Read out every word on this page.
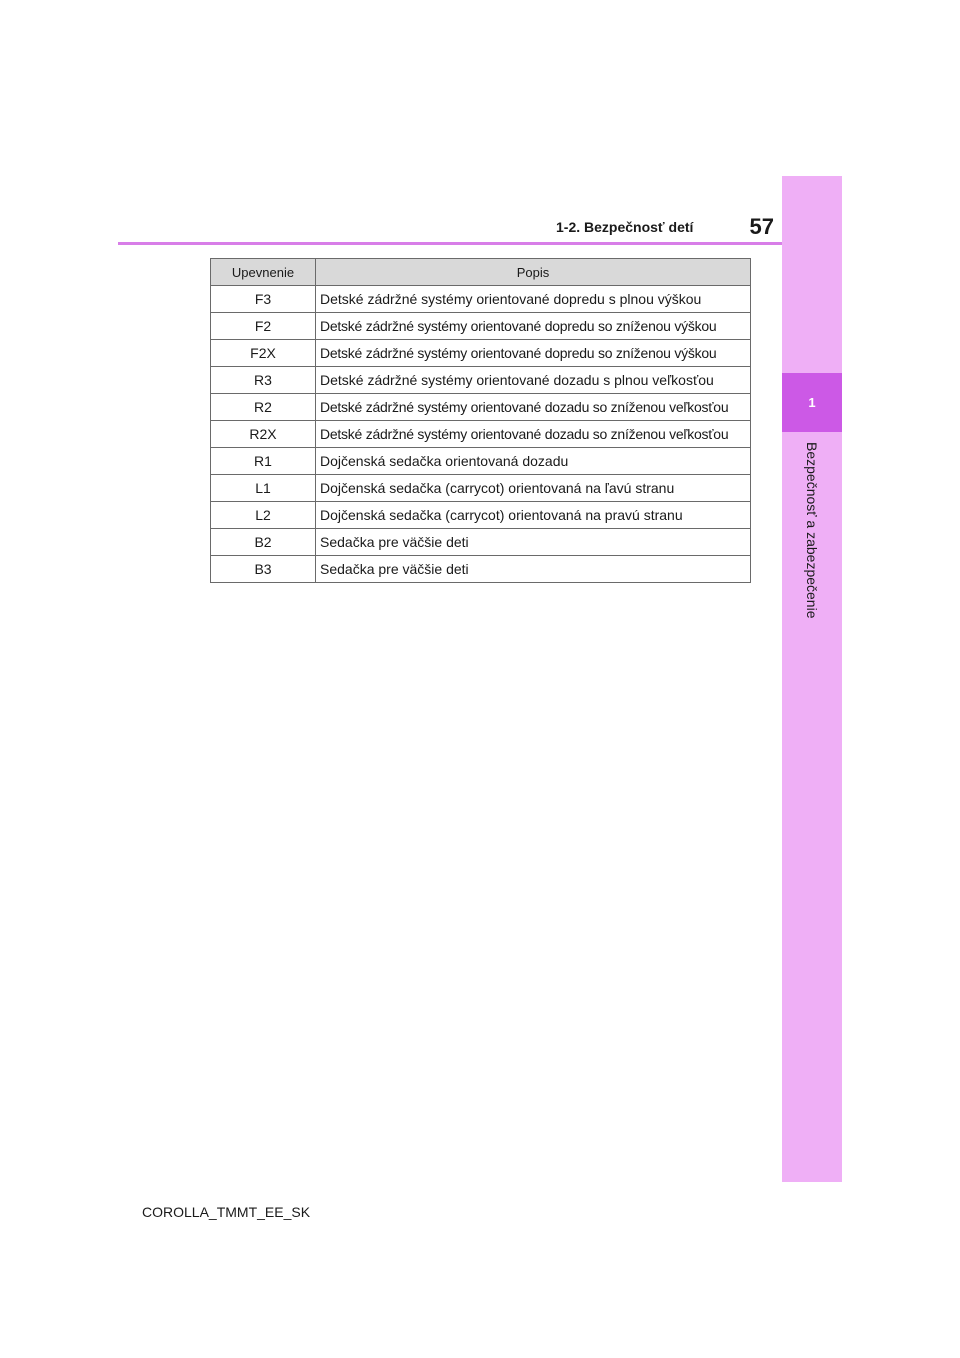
1
Bezpečnosť a zabezpečenie
1-2. Bezpečnosť detí	57
Upevnenie	Popis
F3	Detské zádržné systémy orientované dopredu s plnou výškou
F2	Detské zádržné systémy orientované dopredu so zníženou výškou
F2X	Detské zádržné systémy orientované dopredu so zníženou výškou
R3	Detské zádržné systémy orientované dozadu s plnou veľkosťou
R2	Detské zádržné systémy orientované dozadu so zníženou veľkosťou
R2X	Detské zádržné systémy orientované dozadu so zníženou veľkosťou
R1	Dojčenská sedačka orientovaná dozadu
L1	Dojčenská sedačka (carrycot) orientovaná na ľavú stranu
L2	Dojčenská sedačka (carrycot) orientovaná na pravú stranu
B2	Sedačka pre väčšie deti
B3	Sedačka pre väčšie deti
COROLLA_TMMT_EE_SK
